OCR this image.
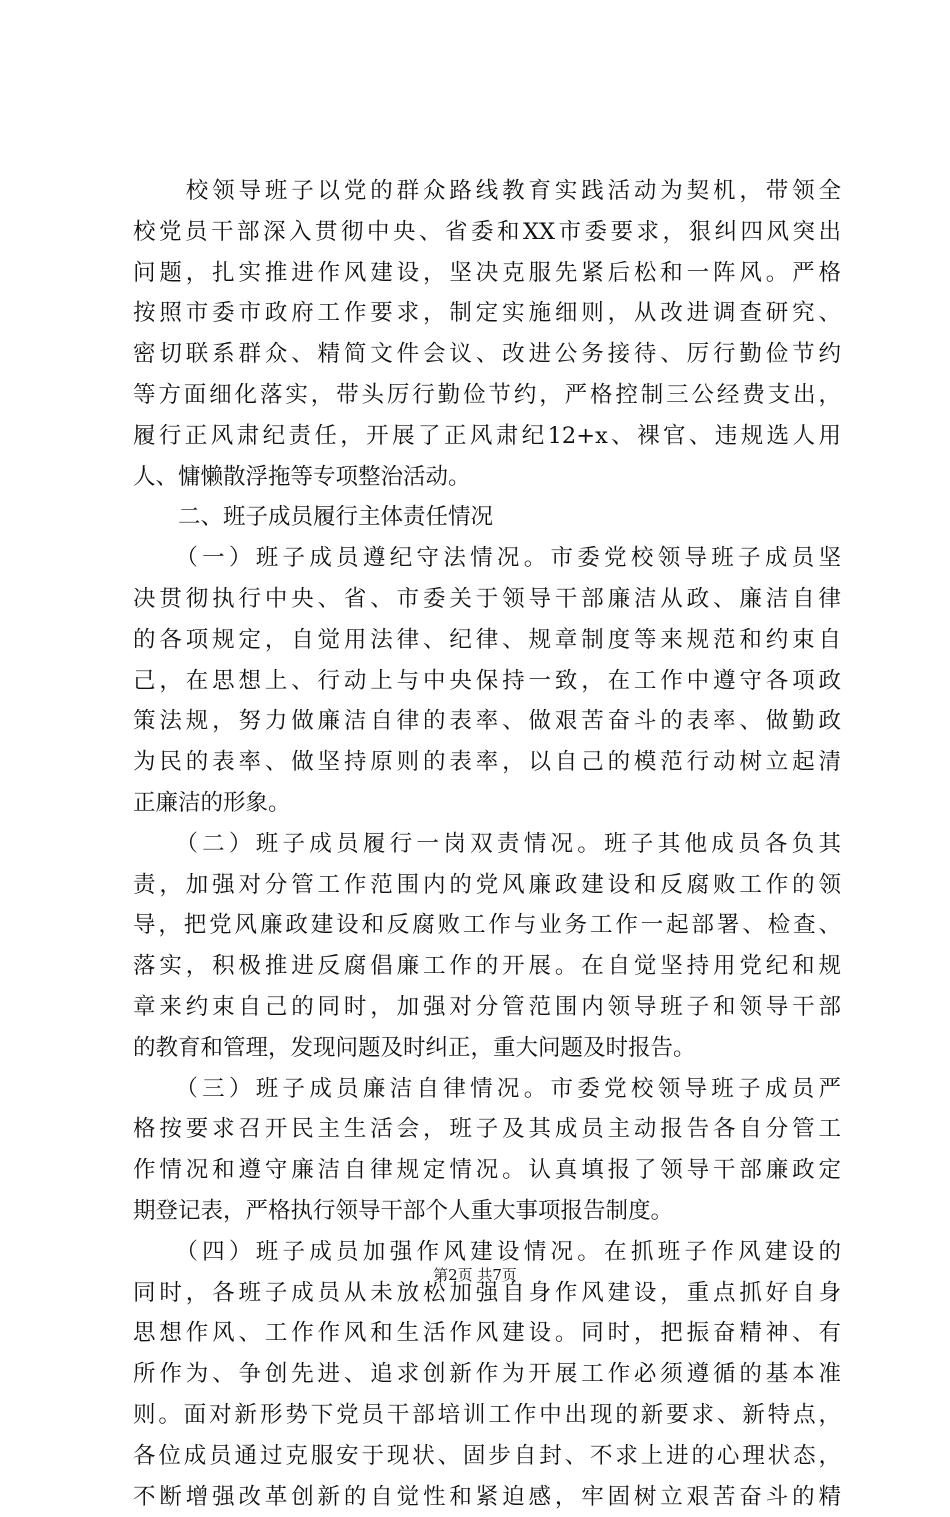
　　校领导班子以党的群众路线教育实践活动为契机，带领全
校党员干部深入贯彻中央、省委和XX市委要求，狠纠四风突出
问题，扎实推进作风建设，坚决克服先紧后松和一阵风。严格
按照市委市政府工作要求，制定实施细则，从改进调查研究、
密切联系群众、精简文件会议、改进公务接待、厉行勤俭节约
等方面细化落实，带头厉行勤俭节约，严格控制三公经费支出，
履行正风肃纪责任，开展了正风肃纪12+x、裸官、违规选人用
人、慵懒散浮拖等专项整治活动。
　　二、班子成员履行主体责任情况
　　（一）班子成员遵纪守法情况。市委党校领导班子成员坚
决贯彻执行中央、省、市委关于领导干部廉洁从政、廉洁自律
的各项规定，自觉用法律、纪律、规章制度等来规范和约束自
己，在思想上、行动上与中央保持一致，在工作中遵守各项政
策法规，努力做廉洁自律的表率、做艰苦奋斗的表率、做勤政
为民的表率、做坚持原则的表率，以自己的模范行动树立起清
正廉洁的形象。
　　（二）班子成员履行一岗双责情况。班子其他成员各负其
责，加强对分管工作范围内的党风廉政建设和反腐败工作的领
导，把党风廉政建设和反腐败工作与业务工作一起部署、检查、
落实，积极推进反腐倡廉工作的开展。在自觉坚持用党纪和规
章来约束自己的同时，加强对分管范围内领导班子和领导干部
的教育和管理，发现问题及时纠正，重大问题及时报告。
　　（三）班子成员廉洁自律情况。市委党校领导班子成员严
格按要求召开民主生活会，班子及其成员主动报告各自分管工
作情况和遵守廉洁自律规定情况。认真填报了领导干部廉政定
期登记表，严格执行领导干部个人重大事项报告制度。
　　（四）班子成员加强作风建设情况。在抓班子作风建设的
同时，各班子成员从未放松加强自身作风建设，重点抓好自身
思想作风、工作作风和生活作风建设。同时，把振奋精神、有
所作为、争创先进、追求创新作为开展工作必须遵循的基本准
则。面对新形势下党员干部培训工作中出现的新要求、新特点，
各位成员通过克服安于现状、固步自封、不求上进的心理状态，
不断增强改革创新的自觉性和紧迫感，牢固树立艰苦奋斗的精
第2页 共7页
